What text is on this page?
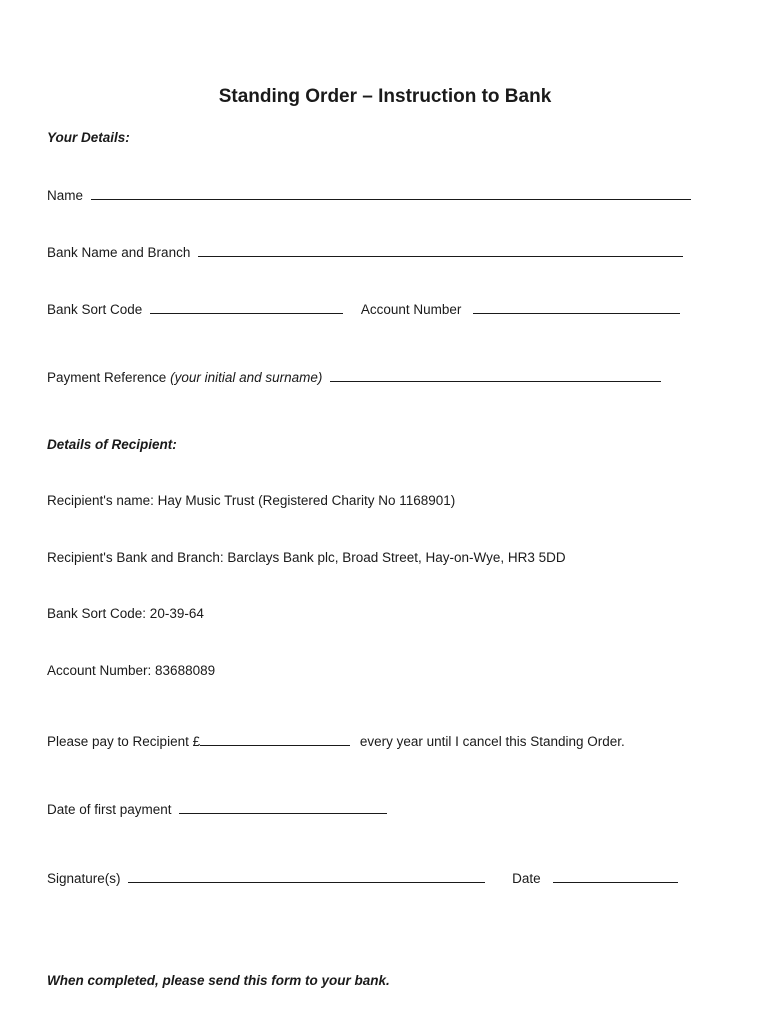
Standing Order – Instruction to Bank
Your Details:
Name
Bank Name and Branch
Bank Sort Code	Account Number
Payment Reference (your initial and surname)
Details of Recipient:
Recipient's name: Hay Music Trust (Registered Charity No 1168901)
Recipient's Bank and Branch: Barclays Bank plc, Broad Street, Hay-on-Wye, HR3 5DD
Bank Sort Code: 20-39-64
Account Number: 83688089
Please pay to Recipient £	every year until I cancel this Standing Order.
Date of first payment
Signature(s)	Date
When completed, please send this form to your bank.
